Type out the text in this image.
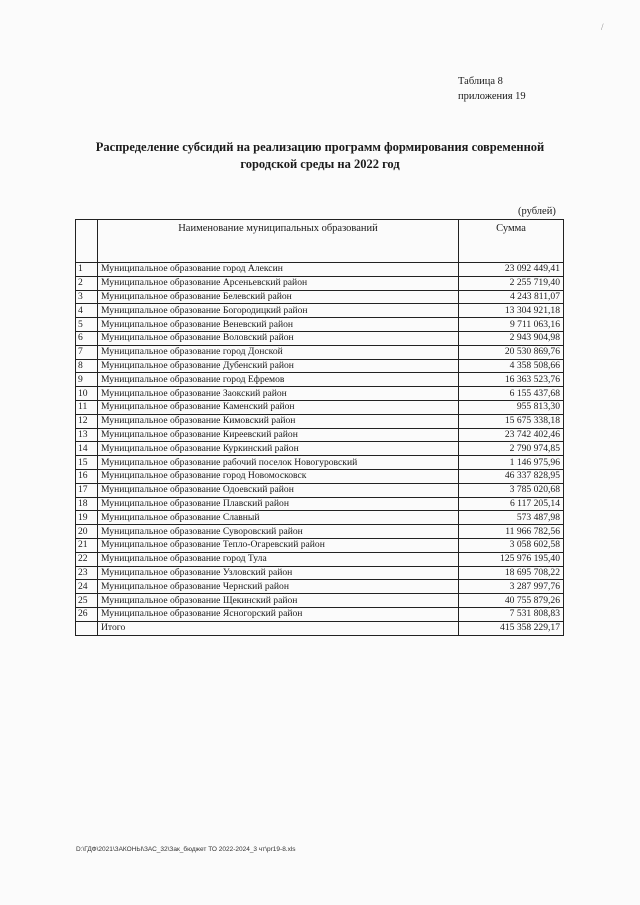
Таблица 8
приложения 19
Распределение субсидий на реализацию программ формирования современной
городской среды на 2022 год
(рублей)
	Наименование муниципальных образований	Сумма
1	Муниципальное образование город Алексин	23 092 449,41
2	Муниципальное образование Арсеньевский район	2 255 719,40
3	Муниципальное образование Белевский район	4 243 811,07
4	Муниципальное образование Богородицкий район	13 304 921,18
5	Муниципальное образование Веневский район	9 711 063,16
6	Муниципальное образование Воловский район	2 943 904,98
7	Муниципальное образование город Донской	20 530 869,76
8	Муниципальное образование Дубенский район	4 358 508,66
9	Муниципальное образование город Ефремов	16 363 523,76
10	Муниципальное образование Заокский район	6 155 437,68
11	Муниципальное образование Каменский район	955 813,30
12	Муниципальное образование Кимовский район	15 675 338,18
13	Муниципальное образование Киреевский район	23 742 402,46
14	Муниципальное образование Куркинский район	2 790 974,85
15	Муниципальное образование рабочий поселок Новогуровский	1 146 975,96
16	Муниципальное образование город Новомосковск	46 337 828,95
17	Муниципальное образование Одоевский район	3 785 020,68
18	Муниципальное образование Плавский район	6 117 205,14
19	Муниципальное образование Славный	573 487,98
20	Муниципальное образование Суворовский район	11 966 782,56
21	Муниципальное образование Тепло-Огаревский район	3 058 602,58
22	Муниципальное образование город Тула	125 976 195,40
23	Муниципальное образование Узловский район	18 695 708,22
24	Муниципальное образование Чернский район	3 287 997,76
25	Муниципальное образование Щекинский район	40 755 879,26
26	Муниципальное образование Ясногорский район	7 531 808,83
	Итого	415 358 229,17
D:\ГДФ\2021\ЗАКОНЫ\ЗАС_32\Зак_бюджет ТО 2022-2024_3 чт\pr19-8.xls
/
